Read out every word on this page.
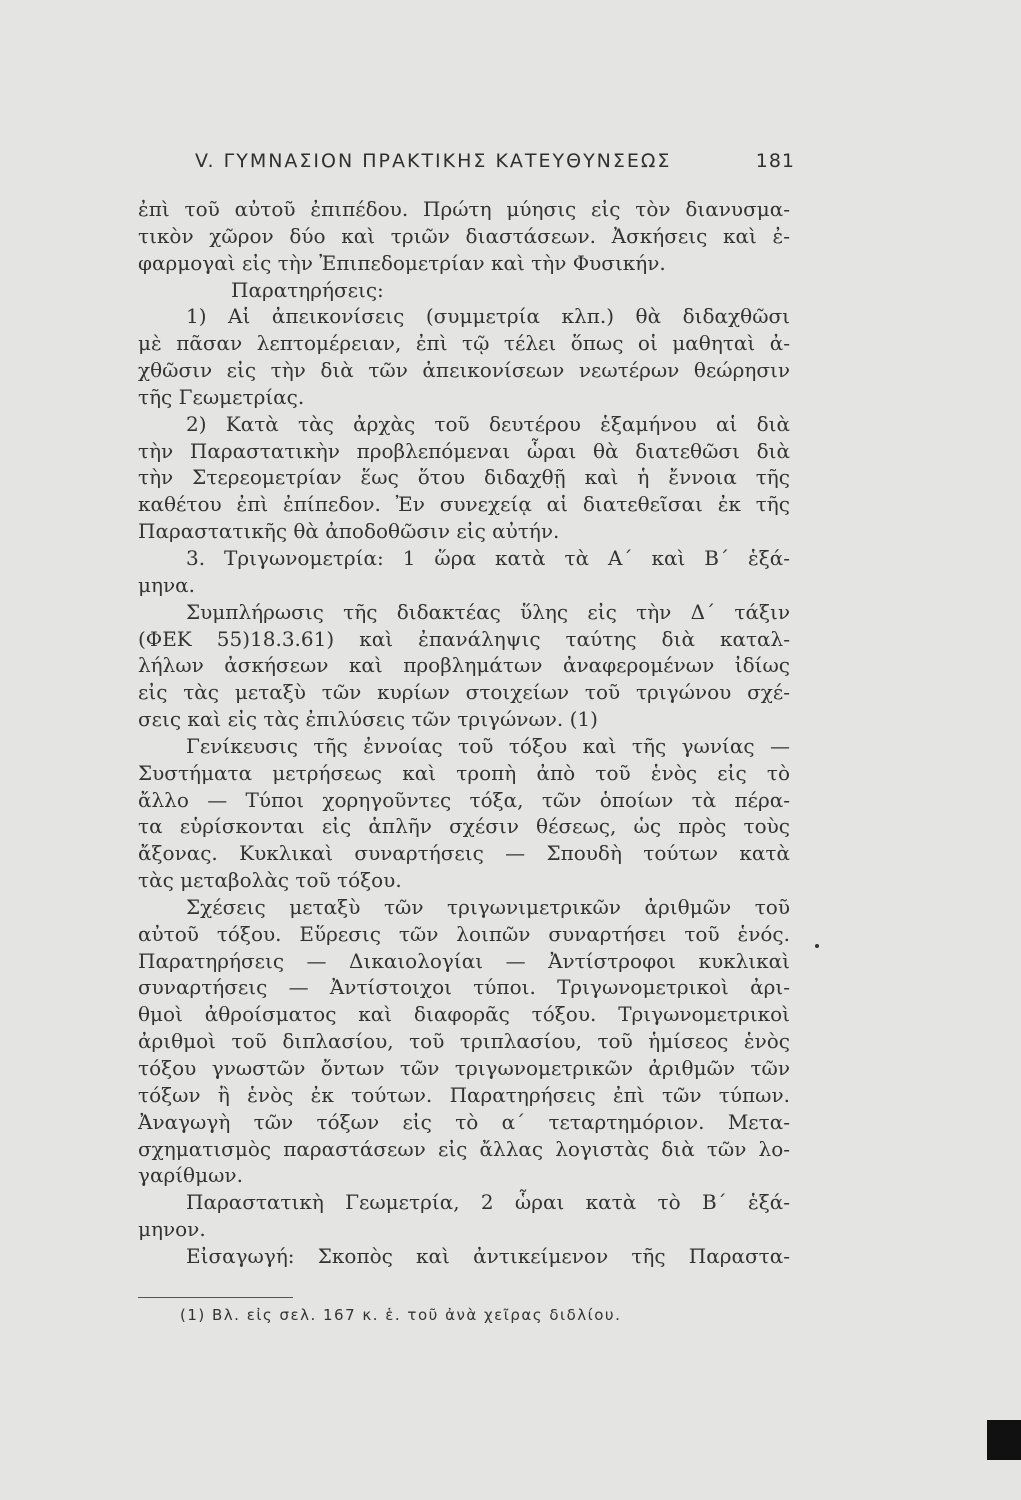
V. ΓΥΜΝΑΣΙΟΝ ΠΡΑΚΤΙΚΗΣ ΚΑΤΕΥΘΥΝΣΕΩΣ	181
ἐπὶ τοῦ αὐτοῦ ἐπιπέδου. Πρώτη μύησις εἰς τὸν διανυσμα-
τικὸν χῶρον δύο καὶ τριῶν διαστάσεων. Ἀσκήσεις καὶ ἐ-
φαρμογαὶ εἰς τὴν Ἐπιπεδομετρίαν καὶ τὴν Φυσικήν.
Παρατηρήσεις:
1) Αἱ ἀπεικονίσεις (συμμετρία κλπ.) θὰ διδαχθῶσι
μὲ πᾶσαν λεπτομέρειαν, ἐπὶ τῷ τέλει ὅπως οἱ μαθηταὶ ἀ-
χθῶσιν εἰς τὴν διὰ τῶν ἀπεικονίσεων νεωτέρων θεώρησιν
τῆς Γεωμετρίας.
2) Κατὰ τὰς ἀρχὰς τοῦ δευτέρου ἑξαμήνου αἱ διὰ
τὴν Παραστατικὴν προβλεπόμεναι ὧραι θὰ διατεθῶσι διὰ
τὴν Στερεομετρίαν ἕως ὅτου διδαχθῇ καὶ ἡ ἔννοια τῆς
καθέτου ἐπὶ ἐπίπεδον. Ἐν συνεχείᾳ αἱ διατεθεῖσαι ἐκ τῆς
Παραστατικῆς θὰ ἀποδοθῶσιν εἰς αὐτήν.
3. Τριγωνομετρία: 1 ὥρα κατὰ τὰ Α΄ καὶ Β΄ ἑξά-
μηνα.
Συμπλήρωσις τῆς διδακτέας ὕλης εἰς τὴν Δ΄ τάξιν
(ΦΕΚ 55)18.3.61) καὶ ἐπανάληψις ταύτης διὰ καταλ-
λήλων ἀσκήσεων καὶ προβλημάτων ἀναφερομένων ἰδίως
εἰς τὰς μεταξὺ τῶν κυρίων στοιχείων τοῦ τριγώνου σχέ-
σεις καὶ εἰς τὰς ἐπιλύσεις τῶν τριγώνων. (1)
Γενίκευσις τῆς ἐννοίας τοῦ τόξου καὶ τῆς γωνίας —
Συστήματα μετρήσεως καὶ τροπὴ ἀπὸ τοῦ ἑνὸς εἰς τὸ
ἄλλο — Τύποι χορηγοῦντες τόξα, τῶν ὁποίων τὰ πέρα-
τα εὑρίσκονται εἰς ἁπλῆν σχέσιν θέσεως, ὡς πρὸς τοὺς
ἄξονας. Κυκλικαὶ συναρτήσεις — Σπουδὴ τούτων κατὰ
τὰς μεταβολὰς τοῦ τόξου.
Σχέσεις μεταξὺ τῶν τριγωνιμετρικῶν ἀριθμῶν τοῦ
αὐτοῦ τόξου. Εὕρεσις τῶν λοιπῶν συναρτήσει τοῦ ἑνός.
Παρατηρήσεις — Δικαιολογίαι — Ἀντίστροφοι κυκλικαὶ
συναρτήσεις — Ἀντίστοιχοι τύποι. Τριγωνομετρικοὶ ἀρι-
θμοὶ ἀθροίσματος καὶ διαφορᾶς τόξου. Τριγωνομετρικοὶ
ἀριθμοὶ τοῦ διπλασίου, τοῦ τριπλασίου, τοῦ ἡμίσεος ἑνὸς
τόξου γνωστῶν ὄντων τῶν τριγωνομετρικῶν ἀριθμῶν τῶν
τόξων ἢ ἑνὸς ἐκ τούτων. Παρατηρήσεις ἐπὶ τῶν τύπων.
Ἀναγωγὴ τῶν τόξων εἰς τὸ α΄ τεταρτημόριον. Μετα-
σχηματισμὸς παραστάσεων εἰς ἄλλας λογιστὰς διὰ τῶν λο-
γαρίθμων.
Παραστατικὴ Γεωμετρία, 2 ὧραι κατὰ τὸ Β΄ ἑξά-
μηνον.
Εἰσαγωγή: Σκοπὸς καὶ ἀντικείμενον τῆς Παραστα-
(1) Βλ. εἰς σελ. 167 κ. ἑ. τοῦ ἀνὰ χεῖρας διδλίου.
